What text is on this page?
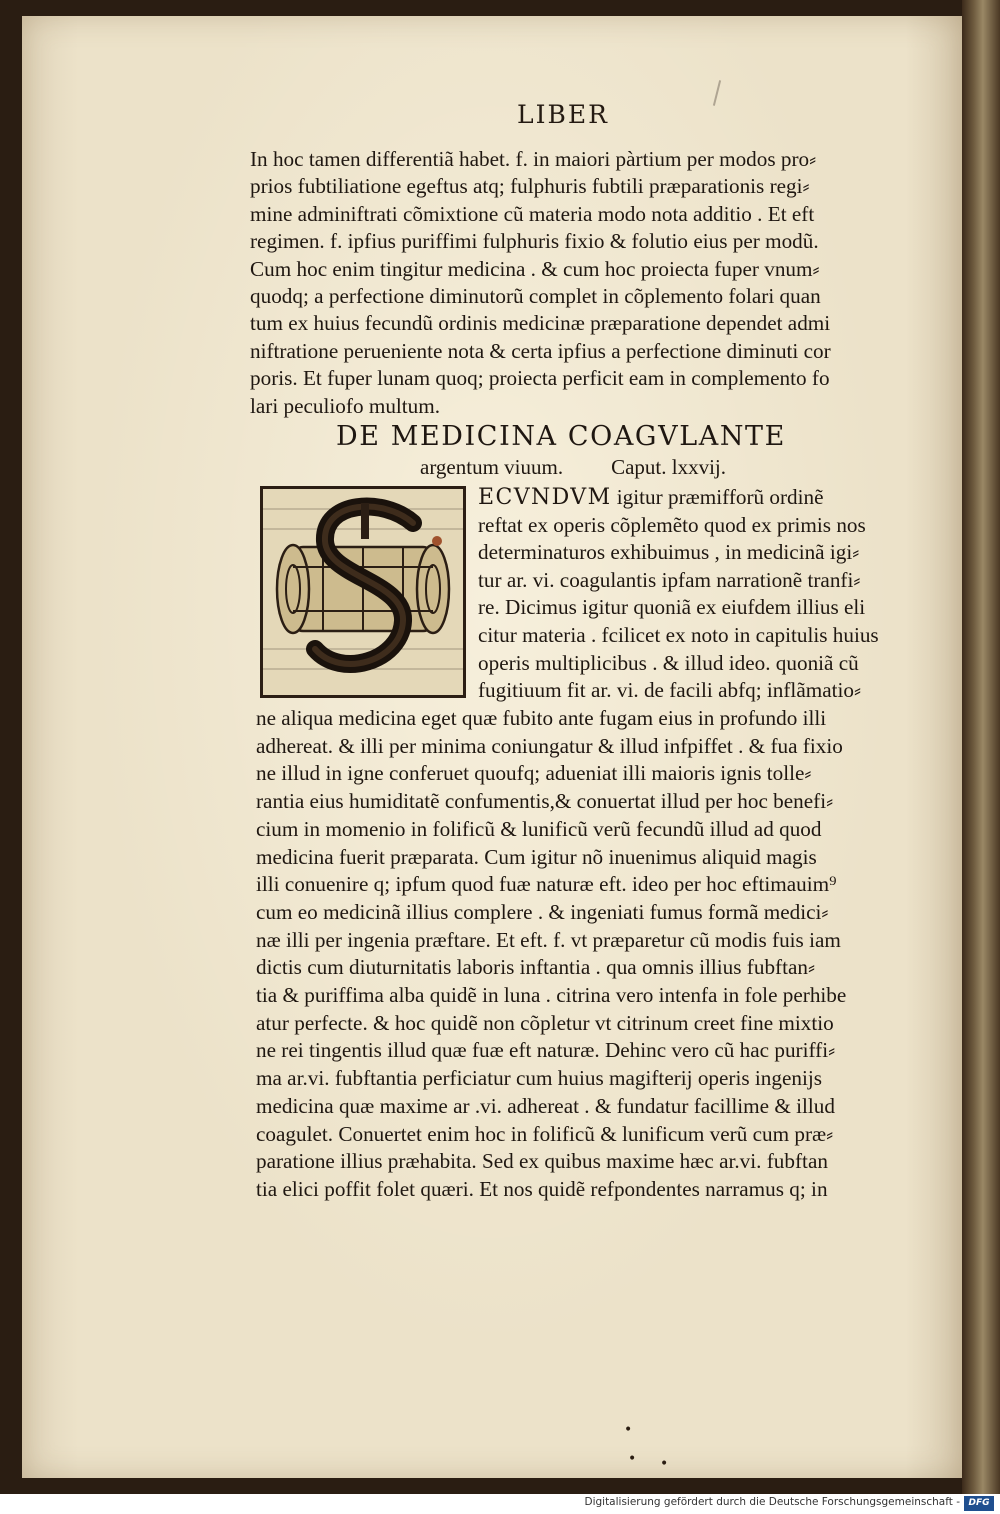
LIBER
In hoc tamen differentiã habet. f. in maiori pàrtium per modos pro⸗
prios fubtiliatione egeftus atq; fulphuris fubtili præparationis regi⸗
mine adminiftrati cõmixtione cũ materia modo nota additio . Et eft
regimen. f. ipfius puriffimi fulphuris fixio & folutio eius per modũ.
Cum hoc enim tingitur medicina . & cum hoc proiecta fuper vnum⸗
quodq; a perfectione diminutorũ complet in cõplemento folari quan
tum ex huius fecundũ ordinis medicinæ præparatione dependet admi
niftratione perueniente nota & certa ipfius a perfectione diminuti cor
poris. Et fuper lunam quoq; proiecta perficit eam in complemento fo
lari peculiofo multum.
DE MEDICINA COAGVLANTE
argentum viuum. Caput. lxxvij.
ECVNDVM igitur præmifforũ ordinẽ
reftat ex operis cõplemẽto quod ex primis nos
determinaturos exhibuimus , in medicinã igi⸗
tur ar. vi. coagulantis ipfam narrationẽ tranfi⸗
re. Dicimus igitur quoniã ex eiufdem illius eli
citur materia . fcilicet ex noto in capitulis huius
operis multiplicibus . & illud ideo. quoniã cũ
fugitiuum fit ar. vi. de facili abfq; inflãmatio⸗
ne aliqua medicina eget quæ fubito ante fugam eius in profundo illi
adhereat. & illi per minima coniungatur & illud infpiffet . & fua fixio
ne illud in igne conferuet quoufq; adueniat illi maioris ignis tolle⸗
rantia eius humiditatẽ confumentis,& conuertat illud per hoc benefi⸗
cium in momenio in folificũ & lunificũ verũ fecundũ illud ad quod
medicina fuerit præparata. Cum igitur nõ inuenimus aliquid magis
illi conuenire q; ipfum quod fuæ naturæ eft. ideo per hoc eftimauim⁹
cum eo medicinã illius complere . & ingeniati fumus formã medici⸗
næ illi per ingenia præftare. Et eft. f. vt præparetur cũ modis fuis iam
dictis cum diuturnitatis laboris inftantia . qua omnis illius fubftan⸗
tia & puriffima alba quidẽ in luna . citrina vero intenfa in fole perhibe
atur perfecte. & hoc quidẽ non cõpletur vt citrinum creet fine mixtio
ne rei tingentis illud quæ fuæ eft naturæ. Dehinc vero cũ hac puriffi⸗
ma ar.vi. fubftantia perficiatur cum huius magifterij operis ingenijs
medicina quæ maxime ar .vi. adhereat . & fundatur facillime & illud
coagulet. Conuertet enim hoc in folificũ & lunificum verũ cum præ⸗
paratione illius præhabita. Sed ex quibus maxime hæc ar.vi. fubftan
tia elici poffit folet quæri. Et nos quidẽ refpondentes narramus q; in
•
• •
Digitalisierung gefördert durch die Deutsche Forschungsgemeinschaft - DFG
